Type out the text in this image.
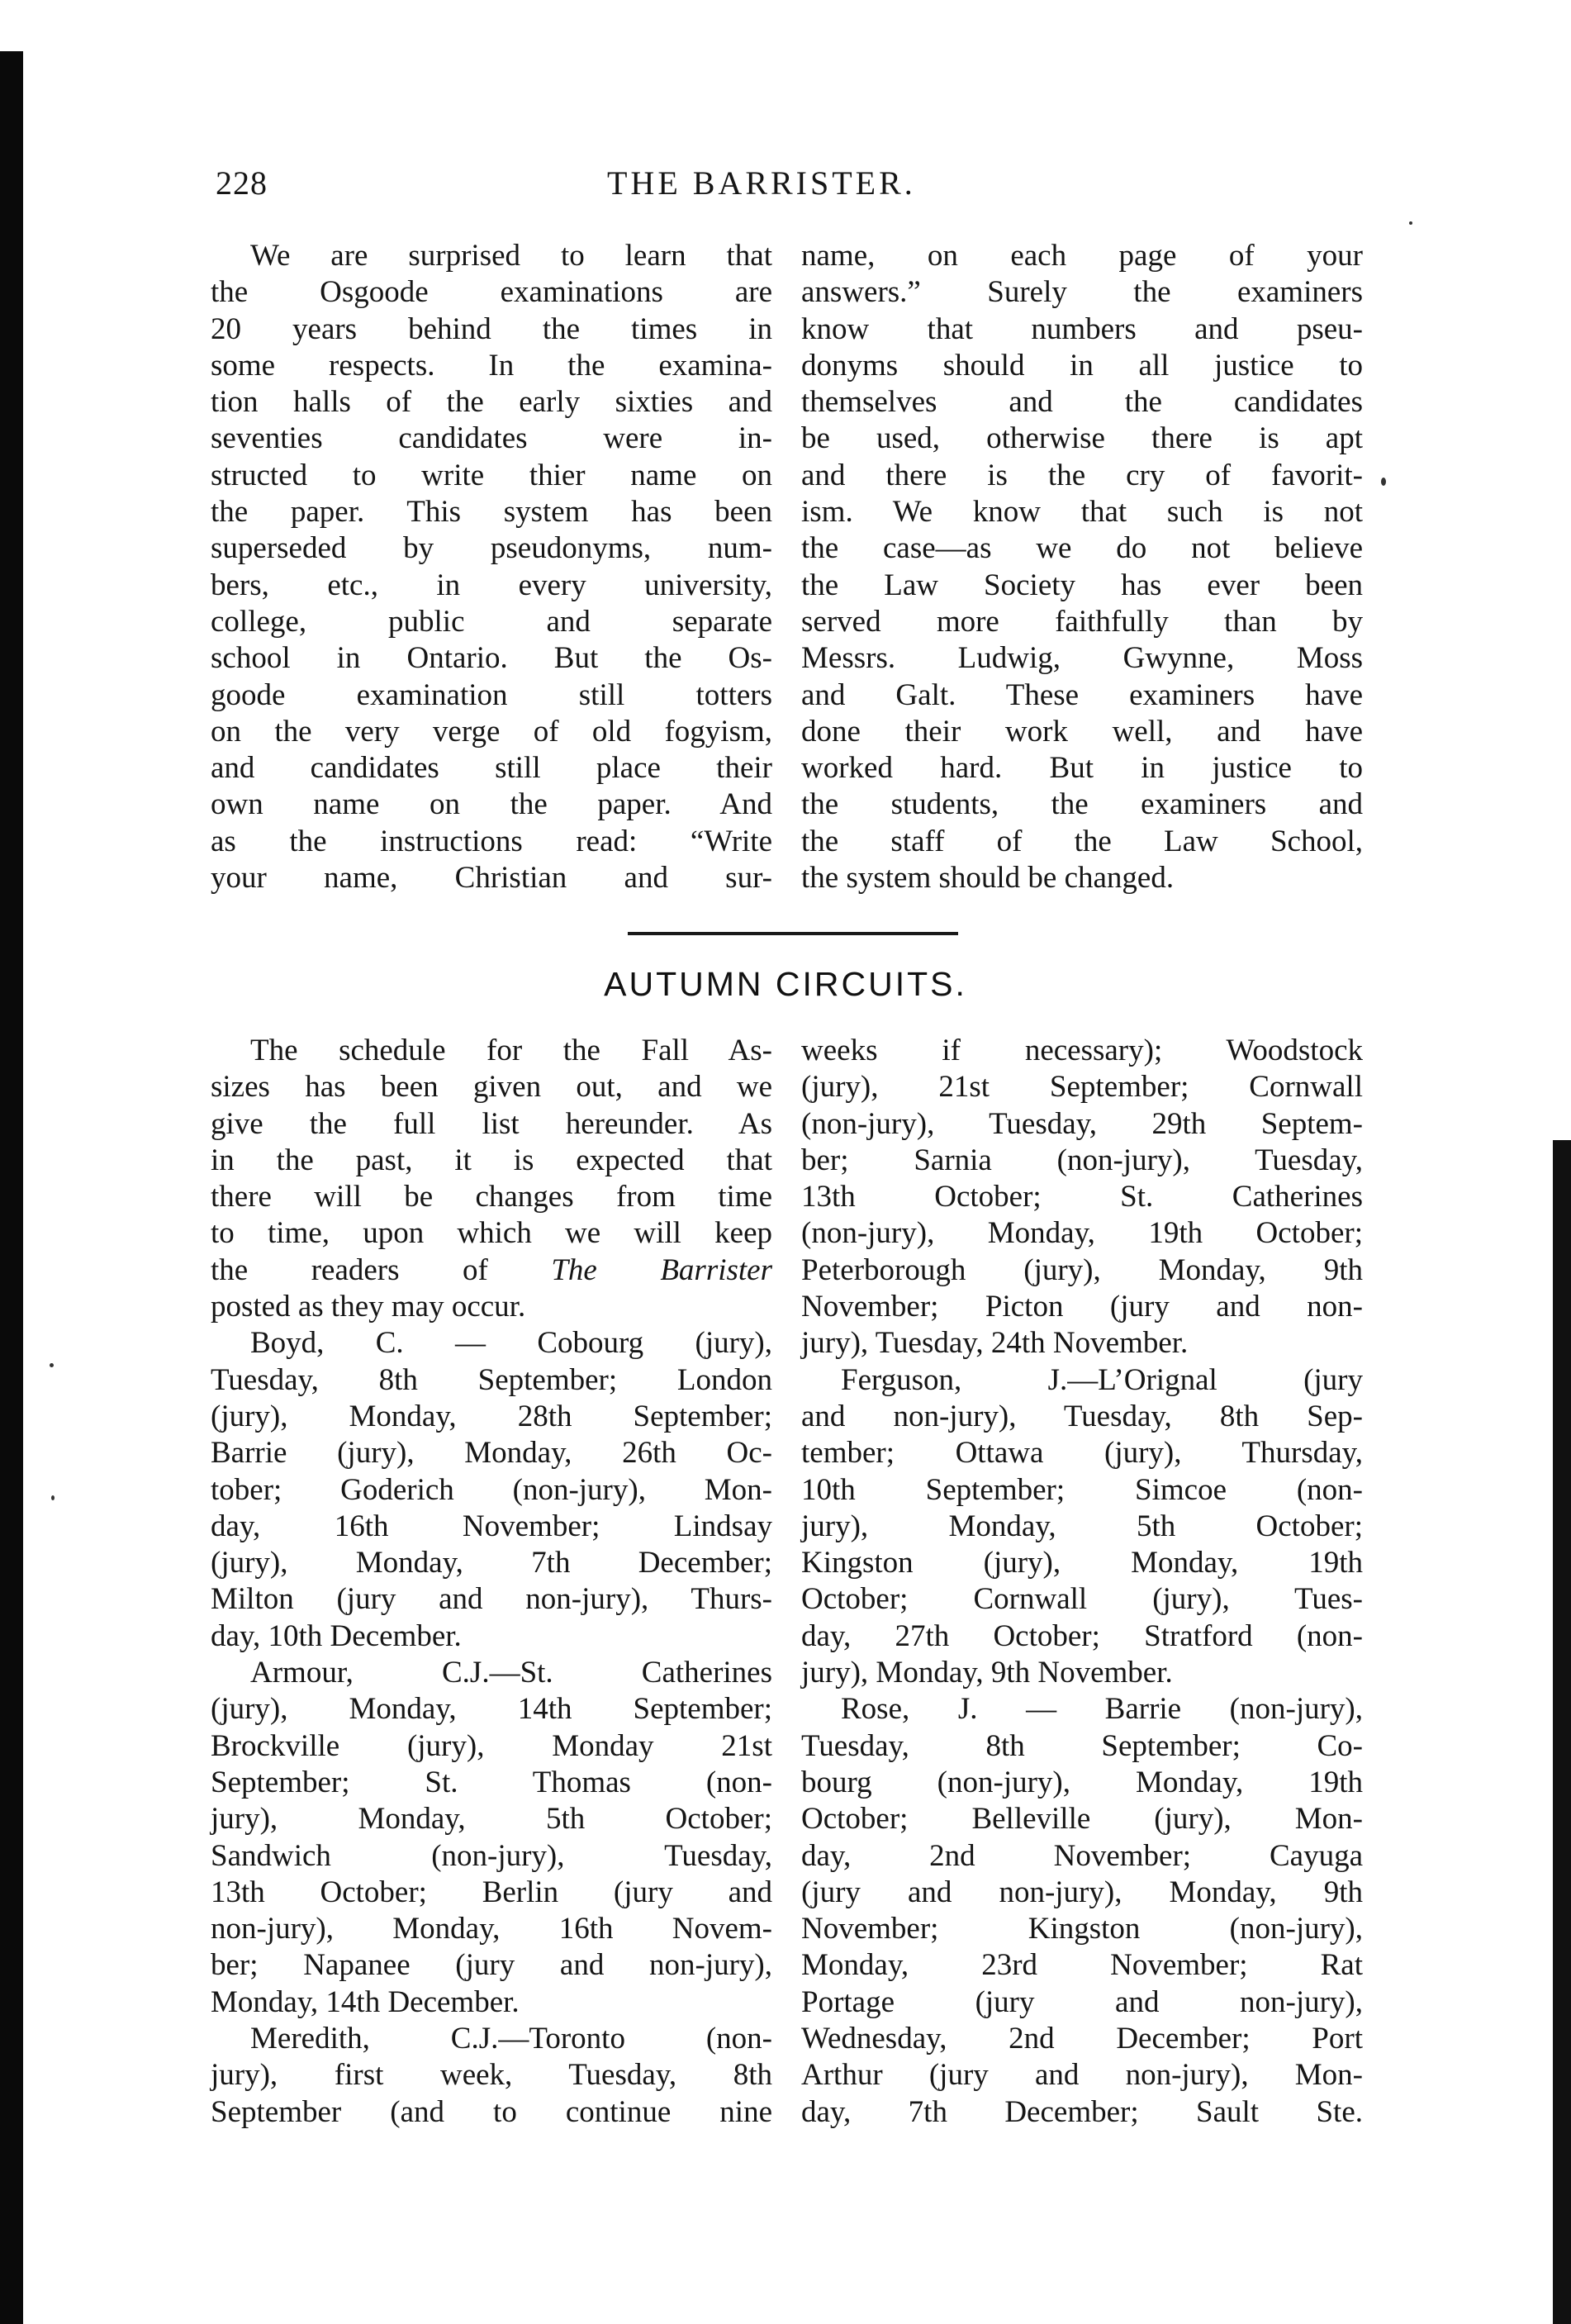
228	THE BARRISTER.

We are surprised to learn that

the Osgoode examinations are

20 years behind the times in

some respects. In the examina-

tion halls of the early sixties and

seventies candidates were in-

structed to write thier name on

the paper. This system has been

superseded by pseudonyms, num-

bers, etc., in every university,

college, public and separate

school in Ontario. But the Os-

goode examination still totters

on the very verge of old fogyism,

and candidates still place their

own name on the paper. And

as the instructions read: “Write

your name, Christian and sur-

name, on each page of your

answers.” Surely the examiners

know that numbers and pseu-

donyms should in all justice to

themselves and the candidates

be used, otherwise there is apt

and there is the cry of favorit-

ism. We know that such is not

the case—as we do not believe

the Law Society has ever been

served more faithfully than by

Messrs. Ludwig, Gwynne, Moss

and Galt. These examiners have

done their work well, and have

worked hard. But in justice to

the students, the examiners and

the staff of the Law School,

the system should be changed.

AUTUMN CIRCUITS.

The schedule for the Fall As-

sizes has been given out, and we

give the full list hereunder. As

in the past, it is expected that

there will be changes from time

to time, upon which we will keep

the readers of The Barrister

posted as they may occur.

Boyd, C. — Cobourg (jury),

Tuesday, 8th September; London

(jury), Monday, 28th September;

Barrie (jury), Monday, 26th Oc-

tober; Goderich (non-jury), Mon-

day, 16th November; Lindsay

(jury), Monday, 7th December;

Milton (jury and non-jury), Thurs-

day, 10th December.

Armour, C.J.—St. Catherines

(jury), Monday, 14th September;

Brockville (jury), Monday 21st

September; St. Thomas (non-

jury), Monday, 5th October;

Sandwich (non-jury), Tuesday,

13th October; Berlin (jury and

non-jury), Monday, 16th Novem-

ber; Napanee (jury and non-jury),

Monday, 14th December.

Meredith, C.J.—Toronto (non-

jury), first week, Tuesday, 8th

September (and to continue nine

weeks if necessary); Woodstock

(jury), 21st September; Cornwall

(non-jury), Tuesday, 29th Septem-

ber; Sarnia (non-jury), Tuesday,

13th October; St. Catherines

(non-jury), Monday, 19th October;

Peterborough (jury), Monday, 9th

November; Picton (jury and non-

jury), Tuesday, 24th November.

Ferguson, J.—L’Orignal (jury

and non-jury), Tuesday, 8th Sep-

tember; Ottawa (jury), Thursday,

10th September; Simcoe (non-

jury), Monday, 5th October;

Kingston (jury), Monday, 19th

October; Cornwall (jury), Tues-

day, 27th October; Stratford (non-

jury), Monday, 9th November.

Rose, J. — Barrie (non-jury),

Tuesday, 8th September; Co-

bourg (non-jury), Monday, 19th

October; Belleville (jury), Mon-

day, 2nd November; Cayuga

(jury and non-jury), Monday, 9th

November; Kingston (non-jury),

Monday, 23rd November; Rat

Portage (jury and non-jury),

Wednesday, 2nd December; Port

Arthur (jury and non-jury), Mon-

day, 7th December; Sault Ste.
